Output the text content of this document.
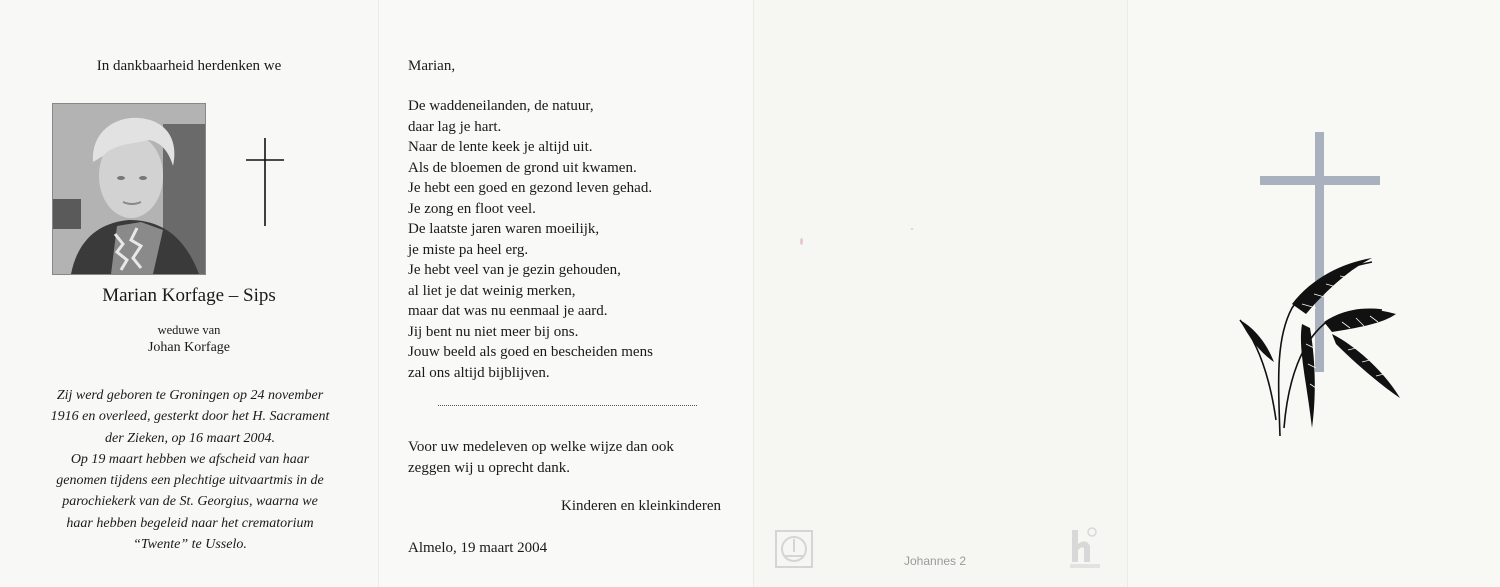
In dankbaarheid herdenken we
Marian Korfage – Sips
weduwe van
Johan Korfage
Zij werd geboren te Groningen op 24 november
1916 en overleed, gesterkt door het H. Sacrament
der Zieken, op 16 maart 2004.
Op 19 maart hebben we afscheid van haar
genomen tijdens een plechtige uitvaartmis in de
parochiekerk van de St. Georgius, waarna we
haar hebben begeleid naar het crematorium
“Twente” te Usselo.
Marian,
De waddeneilanden, de natuur,
daar lag je hart.
Naar de lente keek je altijd uit.
Als de bloemen de grond uit kwamen.
Je hebt een goed en gezond leven gehad.
Je zong en floot veel.
De laatste jaren waren moeilijk,
je miste pa heel erg.
Je hebt veel van je gezin gehouden,
al liet je dat weinig merken,
maar dat was nu eenmaal je aard.
Jij bent nu niet meer bij ons.
Jouw beeld als goed en bescheiden mens
zal ons altijd bijblijven.
Voor uw medeleven op welke wijze dan ook
zeggen wij u oprecht dank.
Kinderen en kleinkinderen
Almelo, 19 maart 2004
Johannes 2
